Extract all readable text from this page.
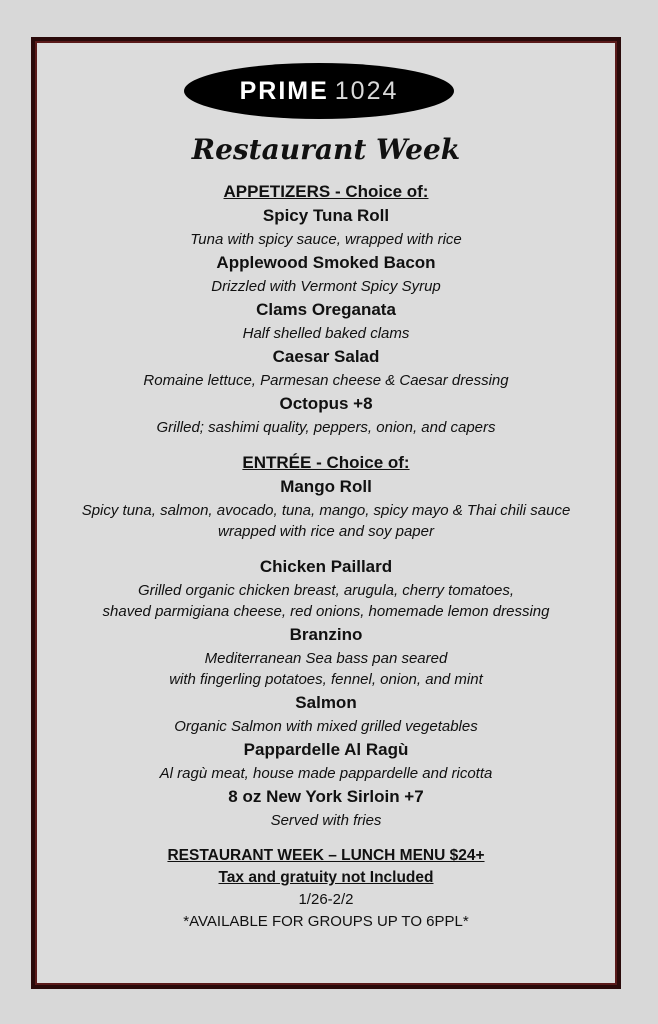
PRIME 1024
Restaurant Week

APPETIZERS - Choice of:

Spicy Tuna Roll

Tuna with spicy sauce, wrapped with rice

Applewood Smoked Bacon

Drizzled with Vermont Spicy Syrup

Clams Oreganata

Half shelled baked clams

Caesar Salad

Romaine lettuce, Parmesan cheese & Caesar dressing

Octopus +8

Grilled; sashimi quality, peppers, onion, and capers

ENTRÉE - Choice of:

Mango Roll

Spicy tuna, salmon, avocado, tuna, mango, spicy mayo & Thai chili sauce

wrapped with rice and soy paper

Chicken Paillard

Grilled organic chicken breast, arugula, cherry tomatoes,

shaved parmigiana cheese, red onions, homemade lemon dressing

Branzino

Mediterranean Sea bass pan seared

with fingerling potatoes, fennel, onion, and mint

Salmon

Organic Salmon with mixed grilled vegetables

Pappardelle Al Ragù

Al ragù meat, house made pappardelle and ricotta

8 oz New York Sirloin +7

Served with fries

RESTAURANT WEEK – LUNCH MENU $24+

Tax and gratuity not Included

1/26-2/2

*AVAILABLE FOR GROUPS UP TO 6PPL*
